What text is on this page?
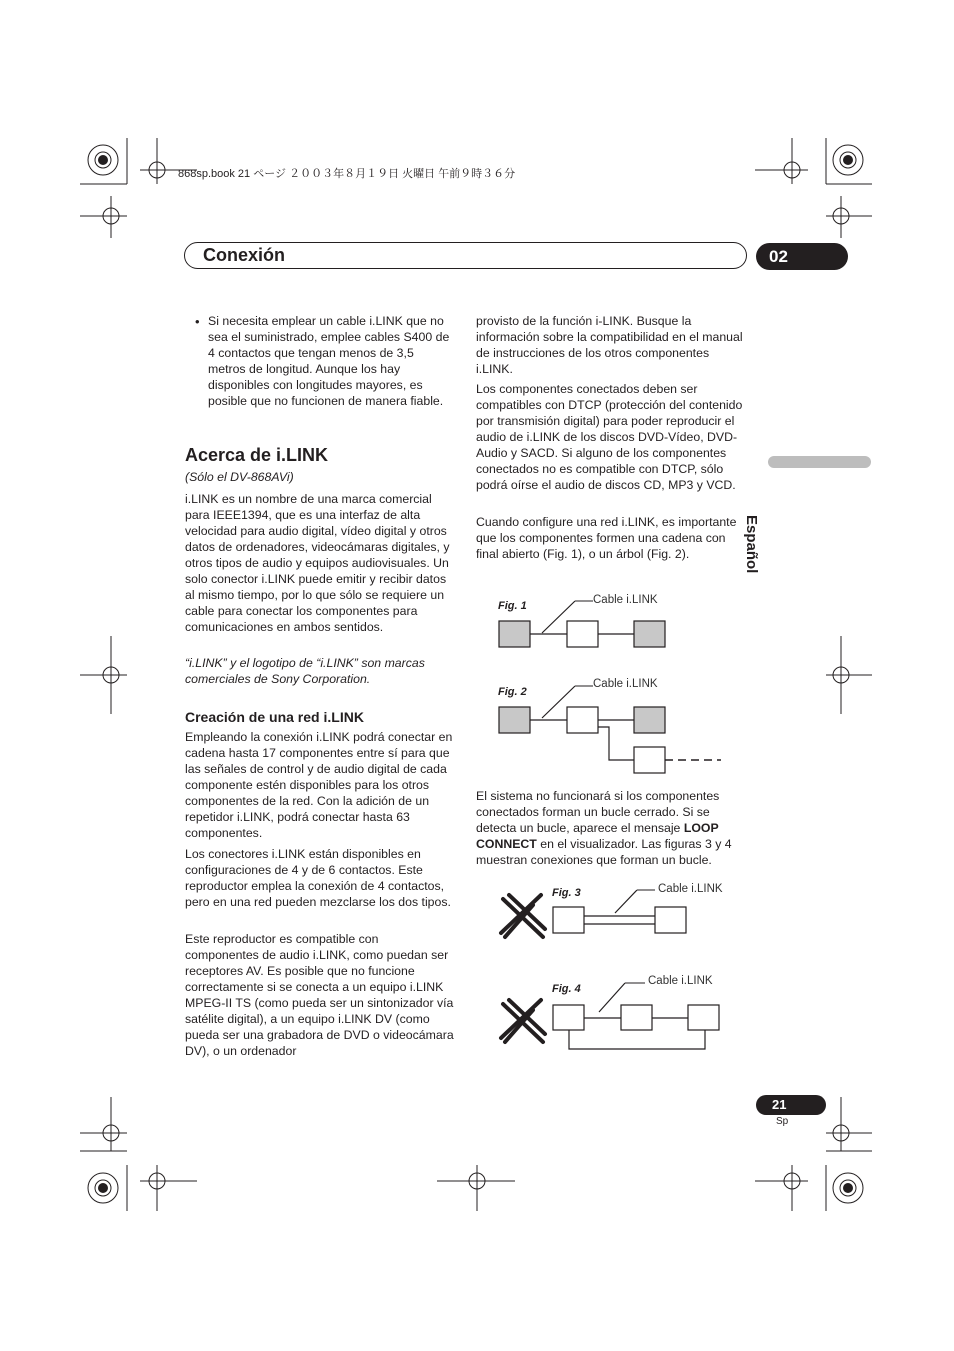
868sp.book 21 ページ ２００３年８月１９日 火曜日 午前９時３６分
Conexión	02
Español
• Si necesita emplear un cable i.LINK que no sea el suministrado, emplee cables S400 de 4 contactos que tengan menos de 3,5 metros de longitud. Aunque los hay disponibles con longitudes mayores, es posible que no funcionen de manera fiable.
Acerca de i.LINK
(Sólo el DV-868AVi)
i.LINK es un nombre de una marca comercial para IEEE1394, que es una interfaz de alta velocidad para audio digital, vídeo digital y otros datos de ordenadores, videocámaras digitales, y otros tipos de audio y equipos audiovisuales. Un solo conector i.LINK puede emitir y recibir datos al mismo tiempo, por lo que sólo se requiere un cable para conectar los componentes para comunicaciones en ambos sentidos.
“i.LINK” y el logotipo de “i.LINK” son marcas comerciales de Sony Corporation.
Creación de una red i.LINK
Empleando la conexión i.LINK podrá conectar en cadena hasta 17 componentes entre sí para que las señales de control y de audio digital de cada componente estén disponibles para los otros componentes de la red. Con la adición de un repetidor i.LINK, podrá conectar hasta 63 componentes.
Los conectores i.LINK están disponibles en configuraciones de 4 y de 6 contactos. Este reproductor emplea la conexión de 4 contactos, pero en una red pueden mezclarse los dos tipos.
Este reproductor es compatible con componentes de audio i.LINK, como puedan ser receptores AV. Es posible que no funcione correctamente si se conecta a un equipo i.LINK MPEG-II TS (como pueda ser un sintonizador vía satélite digital), a un equipo i.LINK DV (como pueda ser una grabadora de DVD o videocámara DV), o un ordenador
provisto de la función i-LINK. Busque la información sobre la compatibilidad en el manual de instrucciones de los otros componentes i.LINK.
Los componentes conectados deben ser compatibles con DTCP (protección del contenido por transmisión digital) para poder reproducir el audio de i.LINK de los discos DVD-Vídeo, DVD-Audio y SACD. Si alguno de los componentes conectados no es compatible con DTCP, sólo podrá oírse el audio de discos CD, MP3 y VCD.
Cuando configure una red i.LINK, es importante que los componentes formen una cadena con final abierto (Fig. 1), o un árbol (Fig. 2).
Fig. 1	Cable i.LINK
Fig. 2
Cable i.LINK
El sistema no funcionará si los componentes conectados forman un bucle cerrado. Si se detecta un bucle, aparece el mensaje LOOP CONNECT en el visualizador. Las figuras 3 y 4 muestran conexiones que forman un bucle.
Fig. 3	Cable i.LINK
Fig. 4
Cable i.LINK
21
Sp
